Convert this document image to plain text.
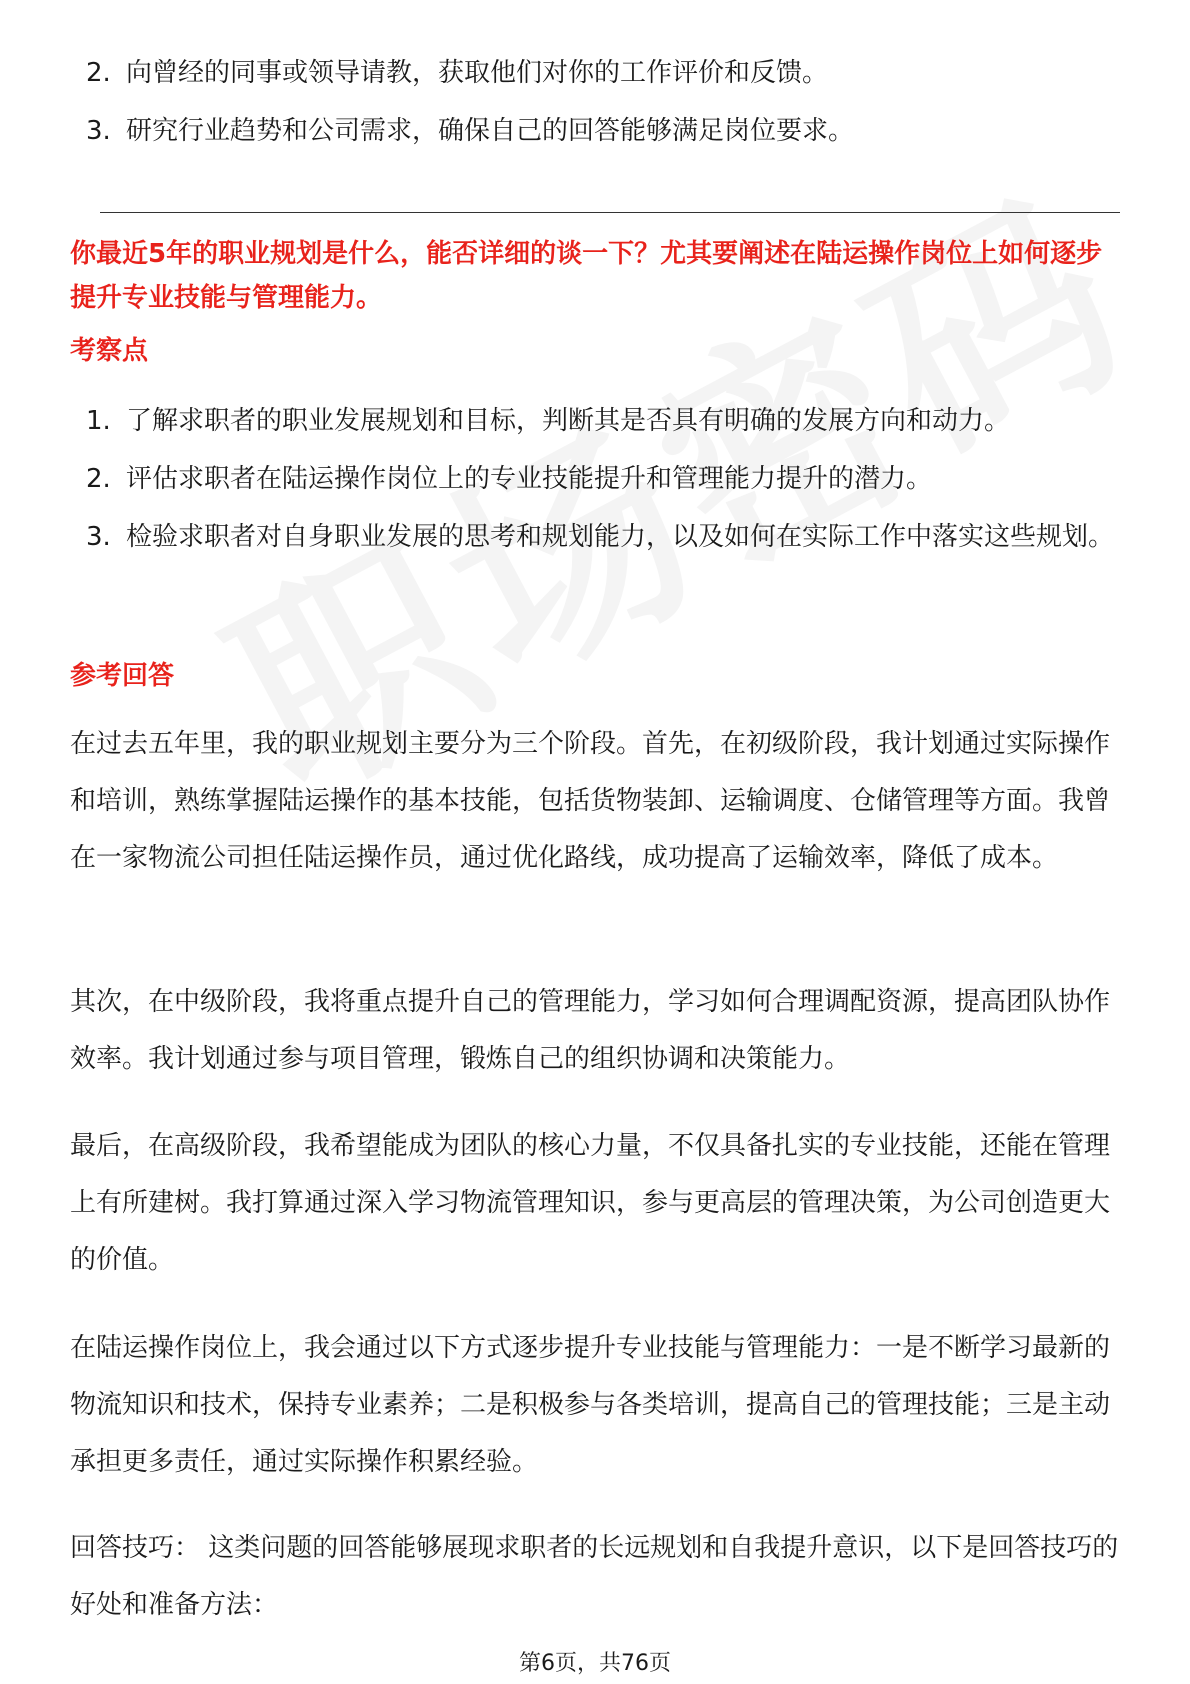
2. 向曾经的同事或领导请教，获取他们对你的工作评价和反馈。
3. 研究行业趋势和公司需求，确保自己的回答能够满足岗位要求。
你最近5年的职业规划是什么，能否详细的谈一下？尤其要阐述在陆运操作岗位上如何逐步提升专业技能与管理能力。
考察点
1. 了解求职者的职业发展规划和目标，判断其是否具有明确的发展方向和动力。
2. 评估求职者在陆运操作岗位上的专业技能提升和管理能力提升的潜力。
3. 检验求职者对自身职业发展的思考和规划能力，以及如何在实际工作中落实这些规划。
参考回答

在过去五年里，我的职业规划主要分为三个阶段。首先，在初级阶段，我计划通过实际操作和培训，熟练掌握陆运操作的基本技能，包括货物装卸、运输调度、仓储管理等方面。我曾在一家物流公司担任陆运操作员，通过优化路线，成功提高了运输效率，降低了成本。

其次，在中级阶段，我将重点提升自己的管理能力，学习如何合理调配资源，提高团队协作效率。我计划通过参与项目管理，锻炼自己的组织协调和决策能力。

最后，在高级阶段，我希望能成为团队的核心力量，不仅具备扎实的专业技能，还能在管理上有所建树。我打算通过深入学习物流管理知识，参与更高层的管理决策，为公司创造更大的价值。

在陆运操作岗位上，我会通过以下方式逐步提升专业技能与管理能力：一是不断学习最新的物流知识和技术，保持专业素养；二是积极参与各类培训，提高自己的管理技能；三是主动承担更多责任，通过实际操作积累经验。

回答技巧： 这类问题的回答能够展现求职者的长远规划和自我提升意识，以下是回答技巧的好处和准备方法：

第6页，共76页
